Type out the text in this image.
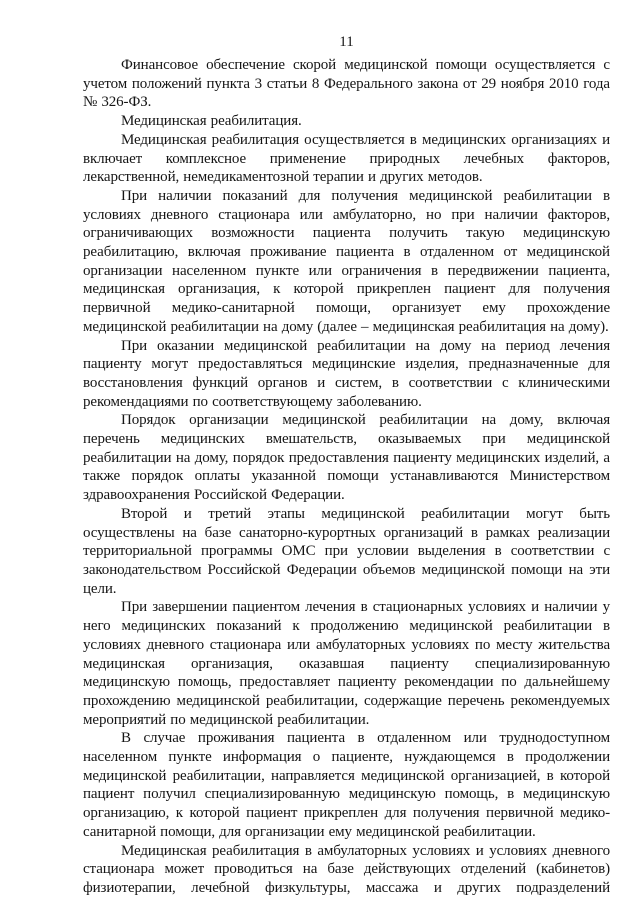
11

Финансовое обеспечение скорой медицинской помощи осуществляется с учетом положений пункта 3 статьи 8 Федерального закона от 29 ноября 2010 года № 326-ФЗ.

Медицинская реабилитация.

Медицинская реабилитация осуществляется в медицинских организациях и включает комплексное применение природных лечебных факторов, лекарственной, немедикаментозной терапии и других методов.

При наличии показаний для получения медицинской реабилитации в условиях дневного стационара или амбулаторно, но при наличии факторов, ограничивающих возможности пациента получить такую медицинскую реабилитацию, включая проживание пациента в отдаленном от медицинской организации населенном пункте или ограничения в передвижении пациента, медицинская организация, к которой прикреплен пациент для получения первичной медико-санитарной помощи, организует ему прохождение медицинской реабилитации на дому (далее – медицинская реабилитация на дому).

При оказании медицинской реабилитации на дому на период лечения пациенту могут предоставляться медицинские изделия, предназначенные для восстановления функций органов и систем, в соответствии с клиническими рекомендациями по соответствующему заболеванию.

Порядок организации медицинской реабилитации на дому, включая перечень медицинских вмешательств, оказываемых при медицинской реабилитации на дому, порядок предоставления пациенту медицинских изделий, а также порядок оплаты указанной помощи устанавливаются Министерством здравоохранения Российской Федерации.

Второй и третий этапы медицинской реабилитации могут быть осуществлены на базе санаторно-курортных организаций в рамках реализации территориальной программы ОМС при условии выделения в соответствии с законодательством Российской Федерации объемов медицинской помощи на эти цели.

При завершении пациентом лечения в стационарных условиях и наличии у него медицинских показаний к продолжению медицинской реабилитации в условиях дневного стационара или амбулаторных условиях по месту жительства медицинская организация, оказавшая пациенту специализированную медицинскую помощь, предоставляет пациенту рекомендации по дальнейшему прохождению медицинской реабилитации, содержащие перечень рекомендуемых мероприятий по медицинской реабилитации.

В случае проживания пациента в отдаленном или труднодоступном населенном пункте информация о пациенте, нуждающемся в продолжении медицинской реабилитации, направляется медицинской организацией, в которой пациент получил специализированную медицинскую помощь, в медицинскую организацию, к которой пациент прикреплен для получения первичной медико-санитарной помощи, для организации ему медицинской реабилитации.

Медицинская реабилитация в амбулаторных условиях и условиях дневного стационара может проводиться на базе действующих отделений (кабинетов) физиотерапии, лечебной физкультуры, массажа и других подразделений
